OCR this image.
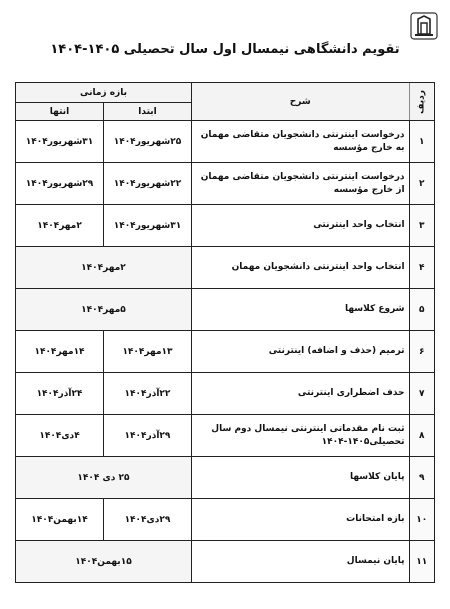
تقویم دانشگاهی نیمسال اول سال تحصیلی ۱۴۰۵-۱۴۰۴
ردیف	شرح	بازه زمانی	
		ابتدا	انتها
۱	درخواست اینترنتی دانشجویان متقاضی مهمان به خارج مؤسسه	۲۵شهریور۱۴۰۴	۳۱شهریور۱۴۰۴
۲	درخواست اینترنتی دانشجویان متقاضی مهمان از خارج مؤسسه	۲۲شهریور۱۴۰۴	۲۹شهریور۱۴۰۴
۳	انتخاب واحد اینترنتی	۳۱شهریور۱۴۰۴	۲مهر۱۴۰۴
۴	انتخاب واحد اینترنتی دانشجویان مهمان	۲مهر۱۴۰۴	
۵	شروع کلاسها	۵مهر۱۴۰۴	
۶	ترمیم (حذف و اضافه) اینترنتی	۱۳مهر۱۴۰۴	۱۴مهر۱۴۰۴
۷	حذف اضطراری اینترنتی	۲۲آذر۱۴۰۴	۲۴آذر۱۴۰۴
۸	ثبت نام مقدماتی اینترنتی نیمسال دوم سال تحصیلی۱۴۰۵-۱۴۰۴	۲۹آذر۱۴۰۴	۴دی۱۴۰۴
۹	پایان کلاسها	۲۵ دی ۱۴۰۴	
۱۰	بازه امتحانات	۲۹دی۱۴۰۴	۱۴بهمن۱۴۰۴
۱۱	پایان نیمسال	۱۵بهمن۱۴۰۴	
